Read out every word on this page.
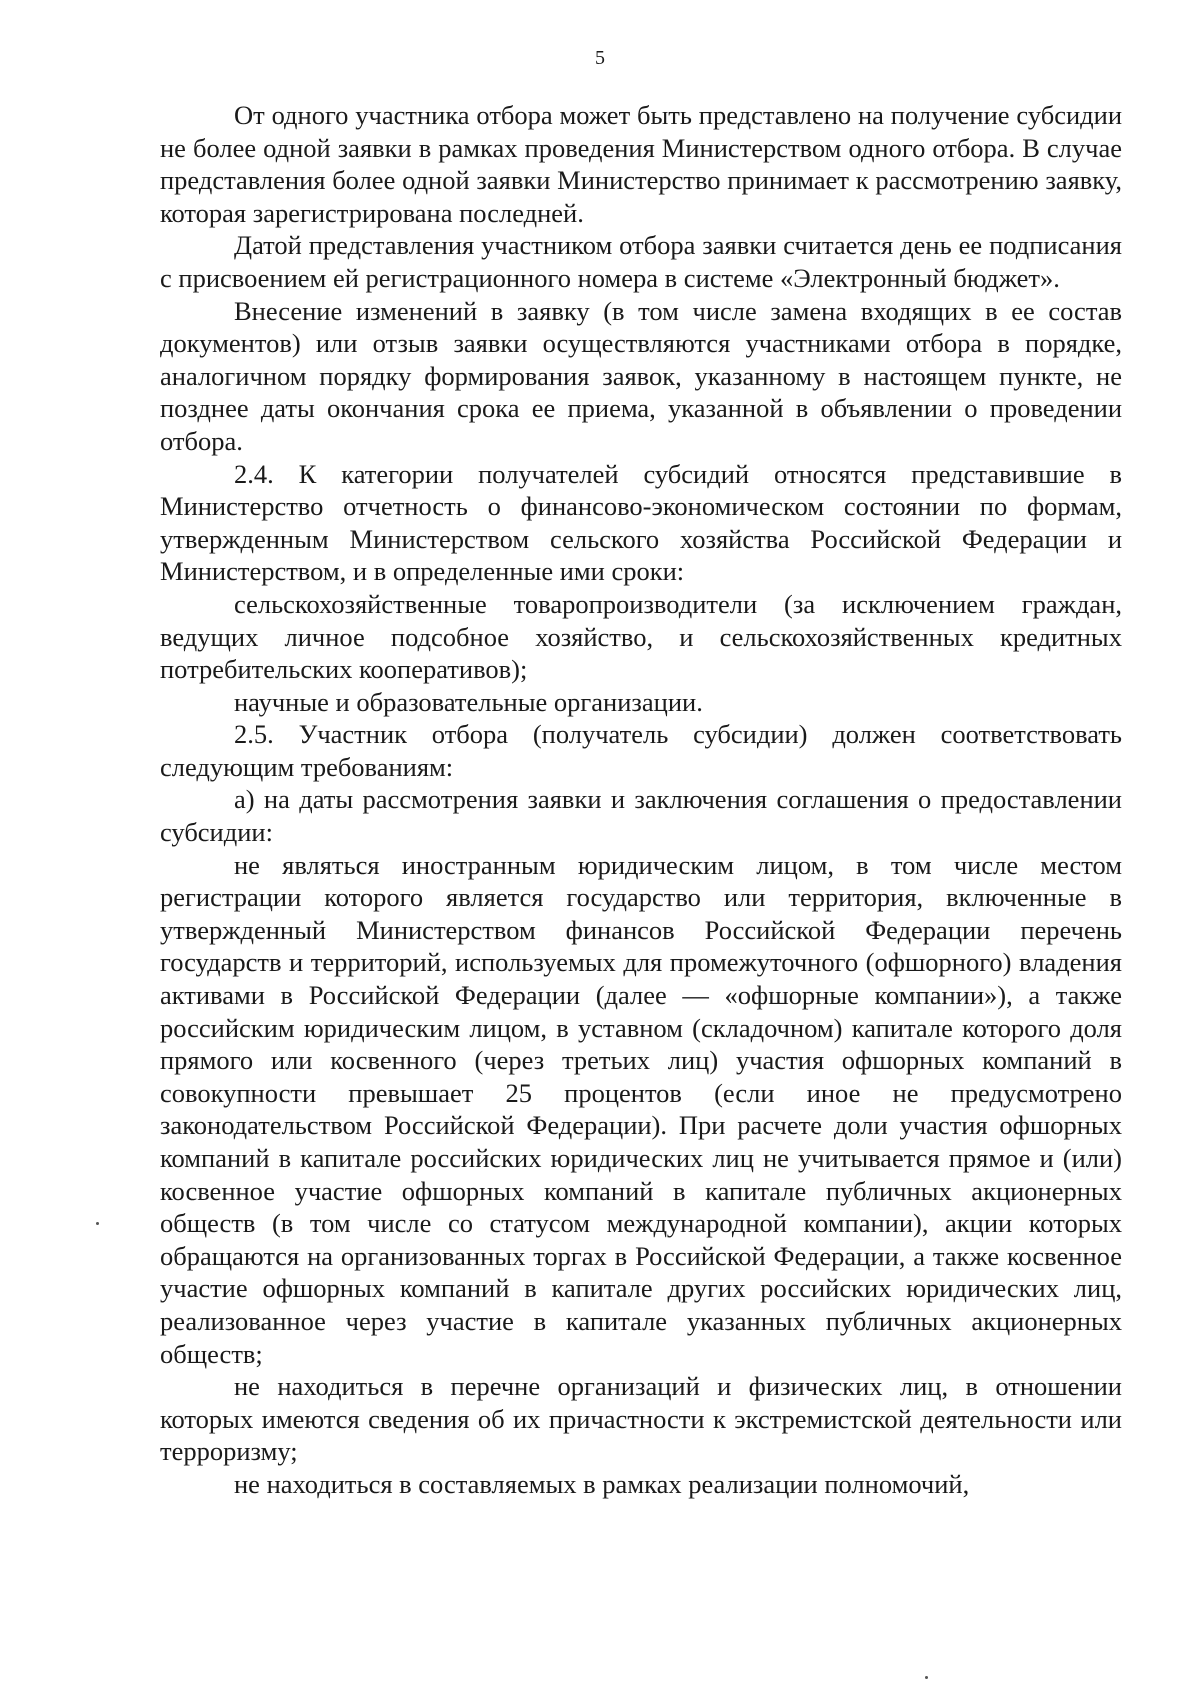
5

От одного участника отбора может быть представлено на получение субсидии не более одной заявки в рамках проведения Министерством одного отбора. В случае представления более одной заявки Министерство принимает к рассмотрению заявку, которая зарегистрирована последней.

Датой представления участником отбора заявки считается день ее подписания с присвоением ей регистрационного номера в системе «Электронный бюджет».

Внесение изменений в заявку (в том числе замена входящих в ее состав документов) или отзыв заявки осуществляются участниками отбора в порядке, аналогичном порядку формирования заявок, указанному в настоящем пункте, не позднее даты окончания срока ее приема, указанной в объявлении о проведении отбора.

2.4. К категории получателей субсидий относятся представившие в Министерство отчетность о финансово-экономическом состоянии по формам, утвержденным Министерством сельского хозяйства Российской Федерации и Министерством, и в определенные ими сроки:

сельскохозяйственные товаропроизводители (за исключением граждан, ведущих личное подсобное хозяйство, и сельскохозяйственных кредитных потребительских кооперативов);

научные и образовательные организации.

2.5. Участник отбора (получатель субсидии) должен соответствовать следующим требованиям:

а) на даты рассмотрения заявки и заключения соглашения о предоставлении субсидии:

не являться иностранным юридическим лицом, в том числе местом регистрации которого является государство или территория, включенные в утвержденный Министерством финансов Российской Федерации перечень государств и территорий, используемых для промежуточного (офшорного) владения активами в Российской Федерации (далее — «офшорные компании»), а также российским юридическим лицом, в уставном (складочном) капитале которого доля прямого или косвенного (через третьих лиц) участия офшорных компаний в совокупности превышает 25 процентов (если иное не предусмотрено законодательством Российской Федерации). При расчете доли участия офшорных компаний в капитале российских юридических лиц не учитывается прямое и (или) косвенное участие офшорных компаний в капитале публичных акционерных обществ (в том числе со статусом международной компании), акции которых обращаются на организованных торгах в Российской Федерации, а также косвенное участие офшорных компаний в капитале других российских юридических лиц, реализованное через участие в капитале указанных публичных акционерных обществ;

не находиться в перечне организаций и физических лиц, в отношении которых имеются сведения об их причастности к экстремистской деятельности или терроризму;

не находиться в составляемых в рамках реализации полномочий,
